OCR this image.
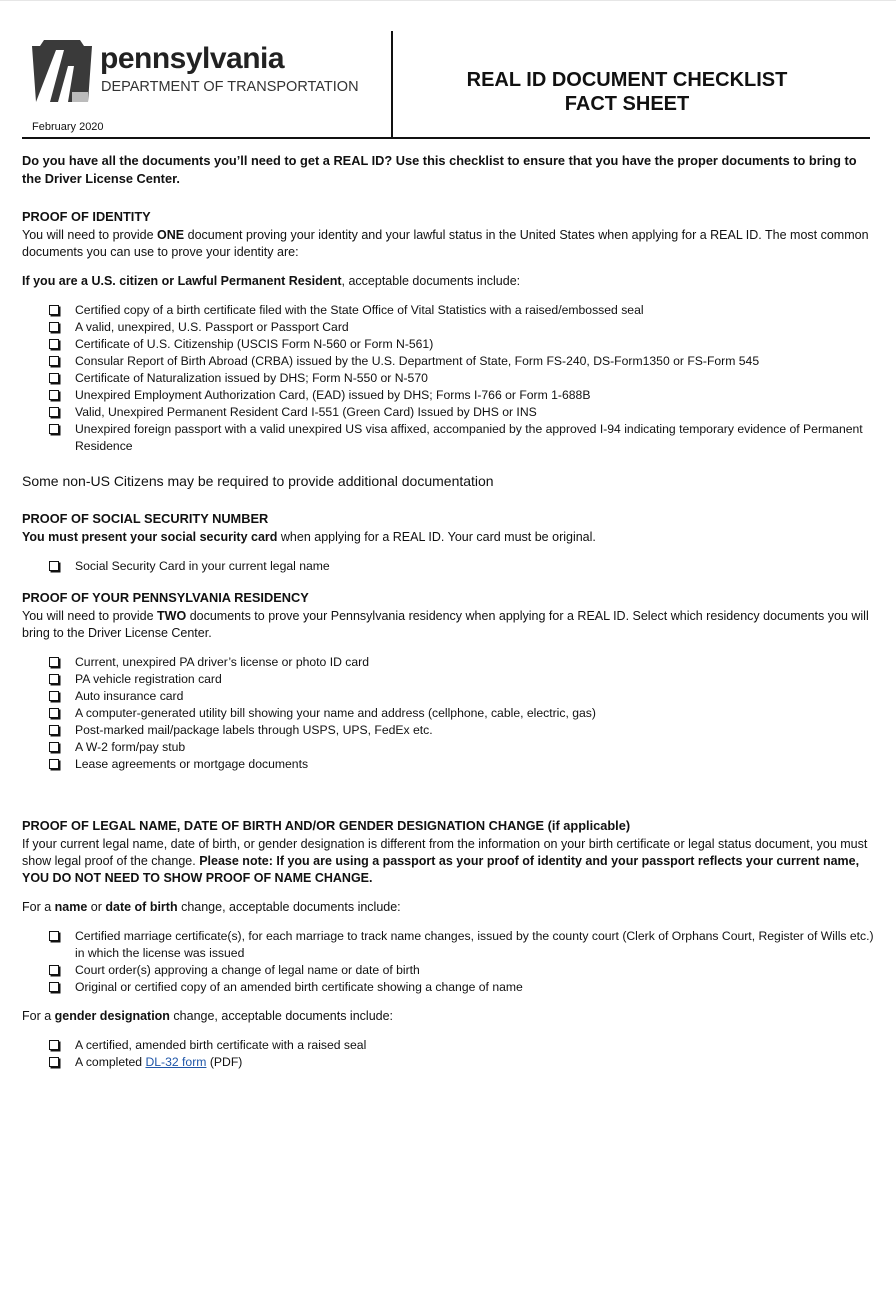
pennsylvania
DEPARTMENT OF TRANSPORTATION
February 2020
REAL ID DOCUMENT CHECKLIST
FACT SHEET

Do you have all the documents you’ll need to get a REAL ID? Use this checklist to ensure that you have the proper documents to bring to the Driver License Center.

PROOF OF IDENTITY

You will need to provide ONE document proving your identity and your lawful status in the United States when applying for a REAL ID. The most common documents you can use to prove your identity are:

If you are a U.S. citizen or Lawful Permanent Resident, acceptable documents include:

Certified copy of a birth certificate filed with the State Office of Vital Statistics with a raised/embossed seal
A valid, unexpired, U.S. Passport or Passport Card
Certificate of U.S. Citizenship (USCIS Form N-560 or Form N-561)
Consular Report of Birth Abroad (CRBA) issued by the U.S. Department of State, Form FS-240, DS-Form1350 or FS-Form 545
Certificate of Naturalization issued by DHS; Form N-550 or N-570
Unexpired Employment Authorization Card, (EAD) issued by DHS; Forms I-766 or Form 1-688B
Valid, Unexpired Permanent Resident Card I-551 (Green Card) Issued by DHS or INS
Unexpired foreign passport with a valid unexpired US visa affixed, accompanied by the approved I-94 indicating temporary evidence of Permanent Residence

Some non-US Citizens may be required to provide additional documentation

PROOF OF SOCIAL SECURITY NUMBER

You must present your social security card when applying for a REAL ID. Your card must be original.

Social Security Card in your current legal name
PROOF OF YOUR PENNSYLVANIA RESIDENCY

You will need to provide TWO documents to prove your Pennsylvania residency when applying for a REAL ID. Select which residency documents you will bring to the Driver License Center.

Current, unexpired PA driver’s license or photo ID card
PA vehicle registration card
Auto insurance card
A computer-generated utility bill showing your name and address (cellphone, cable, electric, gas)
Post-marked mail/package labels through USPS, UPS, FedEx etc.
A W-2 form/pay stub
Lease agreements or mortgage documents
PROOF OF LEGAL NAME, DATE OF BIRTH AND/OR GENDER DESIGNATION CHANGE (if applicable)

If your current legal name, date of birth, or gender designation is different from the information on your birth certificate or legal status document, you must show legal proof of the change. Please note: If you are using a passport as your proof of identity and your passport reflects your current name, YOU DO NOT NEED TO SHOW PROOF OF NAME CHANGE.

For a name or date of birth change, acceptable documents include:

Certified marriage certificate(s), for each marriage to track name changes, issued by the county court (Clerk of Orphans Court, Register of Wills etc.) in which the license was issued
Court order(s) approving a change of legal name or date of birth
Original or certified copy of an amended birth certificate showing a change of name

For a gender designation change, acceptable documents include:

A certified, amended birth certificate with a raised seal
A completed DL-32 form (PDF)
